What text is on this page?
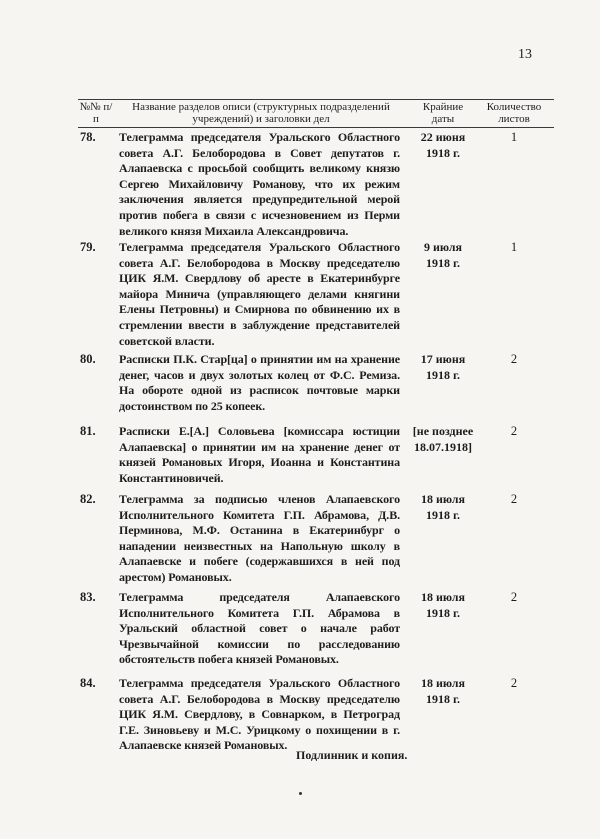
13
№№ п/п
Название разделов описи (структурных подразделений учреждений) и заголовки дел
Крайние даты
Количество листов
78. Телеграмма председателя Уральского Областного совета А.Г. Белобородова в Совет депутатов г. Алапаевска с просьбой сообщить великому князю Сергею Михайловичу Романову, что их режим заключения является предупредительной мерой против побега в связи с исчезновением из Перми великого князя Михаила Александровича.
22 июня 1918 г.
1
79. Телеграмма председателя Уральского Областного совета А.Г. Белобородова в Москву председателю ЦИК Я.М. Свердлову об аресте в Екатеринбурге майора Минича (управляющего делами княгини Елены Петровны) и Смирнова по обвинению их в стремлении ввести в заблуждение представителей советской власти.
9 июля 1918 г.
1
80. Расписки П.К. Стар[ца] о принятии им на хранение денег, часов и двух золотых колец от Ф.С. Ремиза. На обороте одной из расписок почтовые марки достоинством по 25 копеек.
17 июня 1918 г.
2
81. Расписки Е.[А.] Соловьева [комиссара юстиции Алапаевска] о принятии им на хранение денег от князей Романовых Игоря, Иоанна и Константина Константиновичей.
[не позднее 18.07.1918]
2
82. Телеграмма за подписью членов Алапаевского Исполнительного Комитета Г.П. Абрамова, Д.В. Перминова, М.Ф. Останина в Екатеринбург о нападении неизвестных на Напольную школу в Алапаевске и побеге (содержавшихся в ней под арестом) Романовых.
18 июля 1918 г.
2
83. Телеграмма председателя Алапаевского Исполнительного Комитета Г.П. Абрамова в Уральский областной совет о начале работ Чрезвычайной комиссии по расследованию обстоятельств побега князей Романовых.
18 июля 1918 г.
2
84. Телеграмма председателя Уральского Областного совета А.Г. Белобородова в Москву председателю ЦИК Я.М. Свердлову, в Совнарком, в Петроград Г.Е. Зиновьеву и М.С. Урицкому о похищении в г. Алапаевске князей Романовых.
18 июля 1918 г.
2
Подлинник и копия.
